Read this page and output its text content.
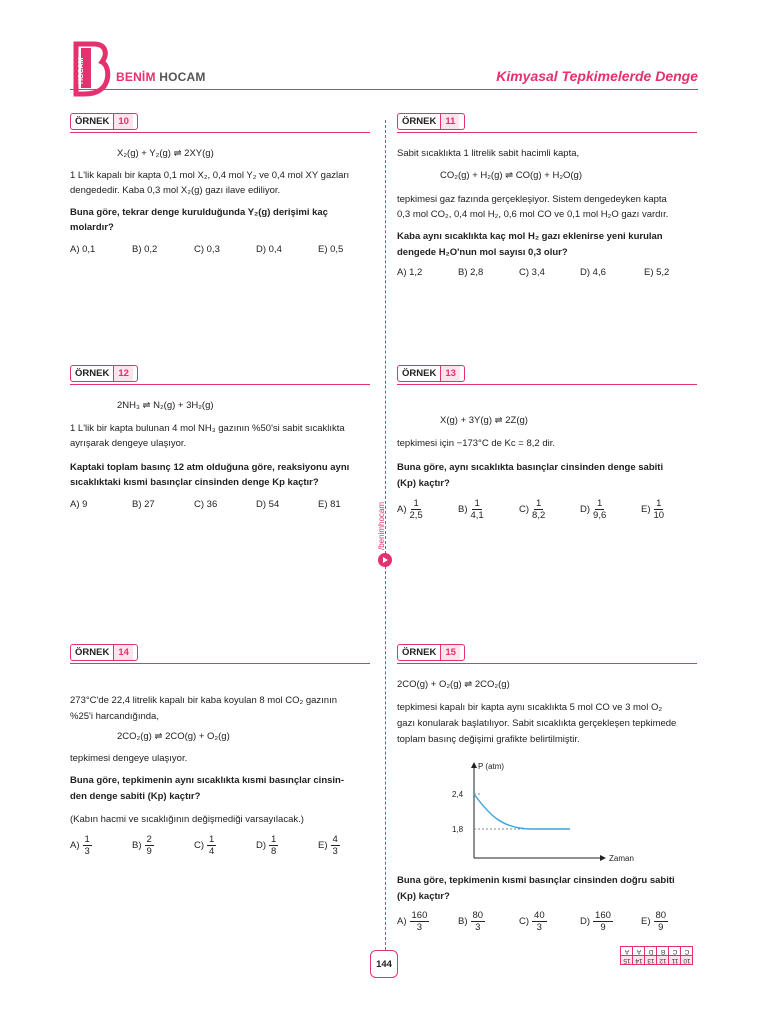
HOCAM	BENİM HOCAM	Kimyasal Tepkimelerde Denge
ÖRNEK 10
X₂(g) + Y₂(g) ⇌ 2XY(g)
1 L'lik kapalı bir kapta 0,1 mol X₂, 0,4 mol Y₂ ve 0,4 mol XY gazları
dengededir. Kaba 0,3 mol X₂(g) gazı ilave ediliyor.
Buna göre, tekrar denge kurulduğunda Y₂(g) derişimi kaç
molardır?
A) 0,1	B) 0,2	C) 0,3	D) 0,4	E) 0,5
ÖRNEK 11
Sabit sıcaklıkta 1 litrelik sabit hacimli kapta,
CO₂(g) + H₂(g) ⇌ CO(g) + H₂O(g)
tepkimesi gaz fazında gerçekleşiyor. Sistem dengedeyken kapta
0,3 mol CO₂, 0,4 mol H₂, 0,6 mol CO ve 0,1 mol H₂O gazı vardır.
Kaba aynı sıcaklıkta kaç mol H₂ gazı eklenirse yeni kurulan
dengede H₂O'nun mol sayısı 0,3 olur?
A) 1,2	B) 2,8	C) 3,4	D) 4,6	E) 5,2
ÖRNEK 12
2NH₃ ⇌ N₂(g) + 3H₂(g)
1 L'lik bir kapta bulunan 4 mol NH₃ gazının %50'si sabit sıcaklıkta
ayrışarak dengeye ulaşıyor.
Kaptaki toplam basınç 12 atm olduğuna göre, reaksiyonu aynı
sıcaklıktaki kısmi basınçlar cinsinden denge Kp kaçtır?
A) 9	B) 27	C) 36	D) 54	E) 81
ÖRNEK 13
X(g) + 3Y(g) ⇌ 2Z(g)
tepkimesi için −173°C de Kc = 8,2 dir.
Buna göre, aynı sıcaklıkta basınçlar cinsinden denge sabiti
(Kp) kaçtır?
$A) \frac{1}{2,5}$	$B) \frac{1}{4,1}$	$C) \frac{1}{8,2}$	$D) \frac{1}{9,6}$	$E) \frac{1}{10}$
/benimhocam
ÖRNEK 14
273°C'de 22,4 litrelik kapalı bir kaba koyulan 8 mol CO₂ gazının
%25'i harcandığında,
2CO₂(g) ⇌ 2CO(g) + O₂(g)
tepkimesi dengeye ulaşıyor.
Buna göre, tepkimenin aynı sıcaklıkta kısmi basınçlar cinsin-
den denge sabiti (Kp) kaçtır?
(Kabın hacmi ve sıcaklığının değişmediği varsayılacak.)
$A) \frac{1}{3}$	$B) \frac{2}{9}$	$C) \frac{1}{4}$	$D) \frac{1}{8}$	$E) \frac{4}{3}$
ÖRNEK 15
2CO(g) + O₂(g) ⇌ 2CO₂(g)
tepkimesi kapalı bir kapta aynı sıcaklıkta 5 mol CO ve 3 mol O₂
gazı konularak başlatılıyor. Sabit sıcaklıkta gerçekleşen tepkimede
toplam basınç değişimi grafikte belirtilmiştir.
P (atm)
Zaman
2,4
1,8
Buna göre, tepkimenin kısmi basınçlar cinsinden doğru sabiti
(Kp) kaçtır?
$A) \frac{160}{3}$	$B) \frac{80}{3}$	$C) \frac{40}{3}$	$D) \frac{160}{9}$	$E) \frac{80}{9}$
144
A	A	D	B	C	C
15	14	13	12	11	10
